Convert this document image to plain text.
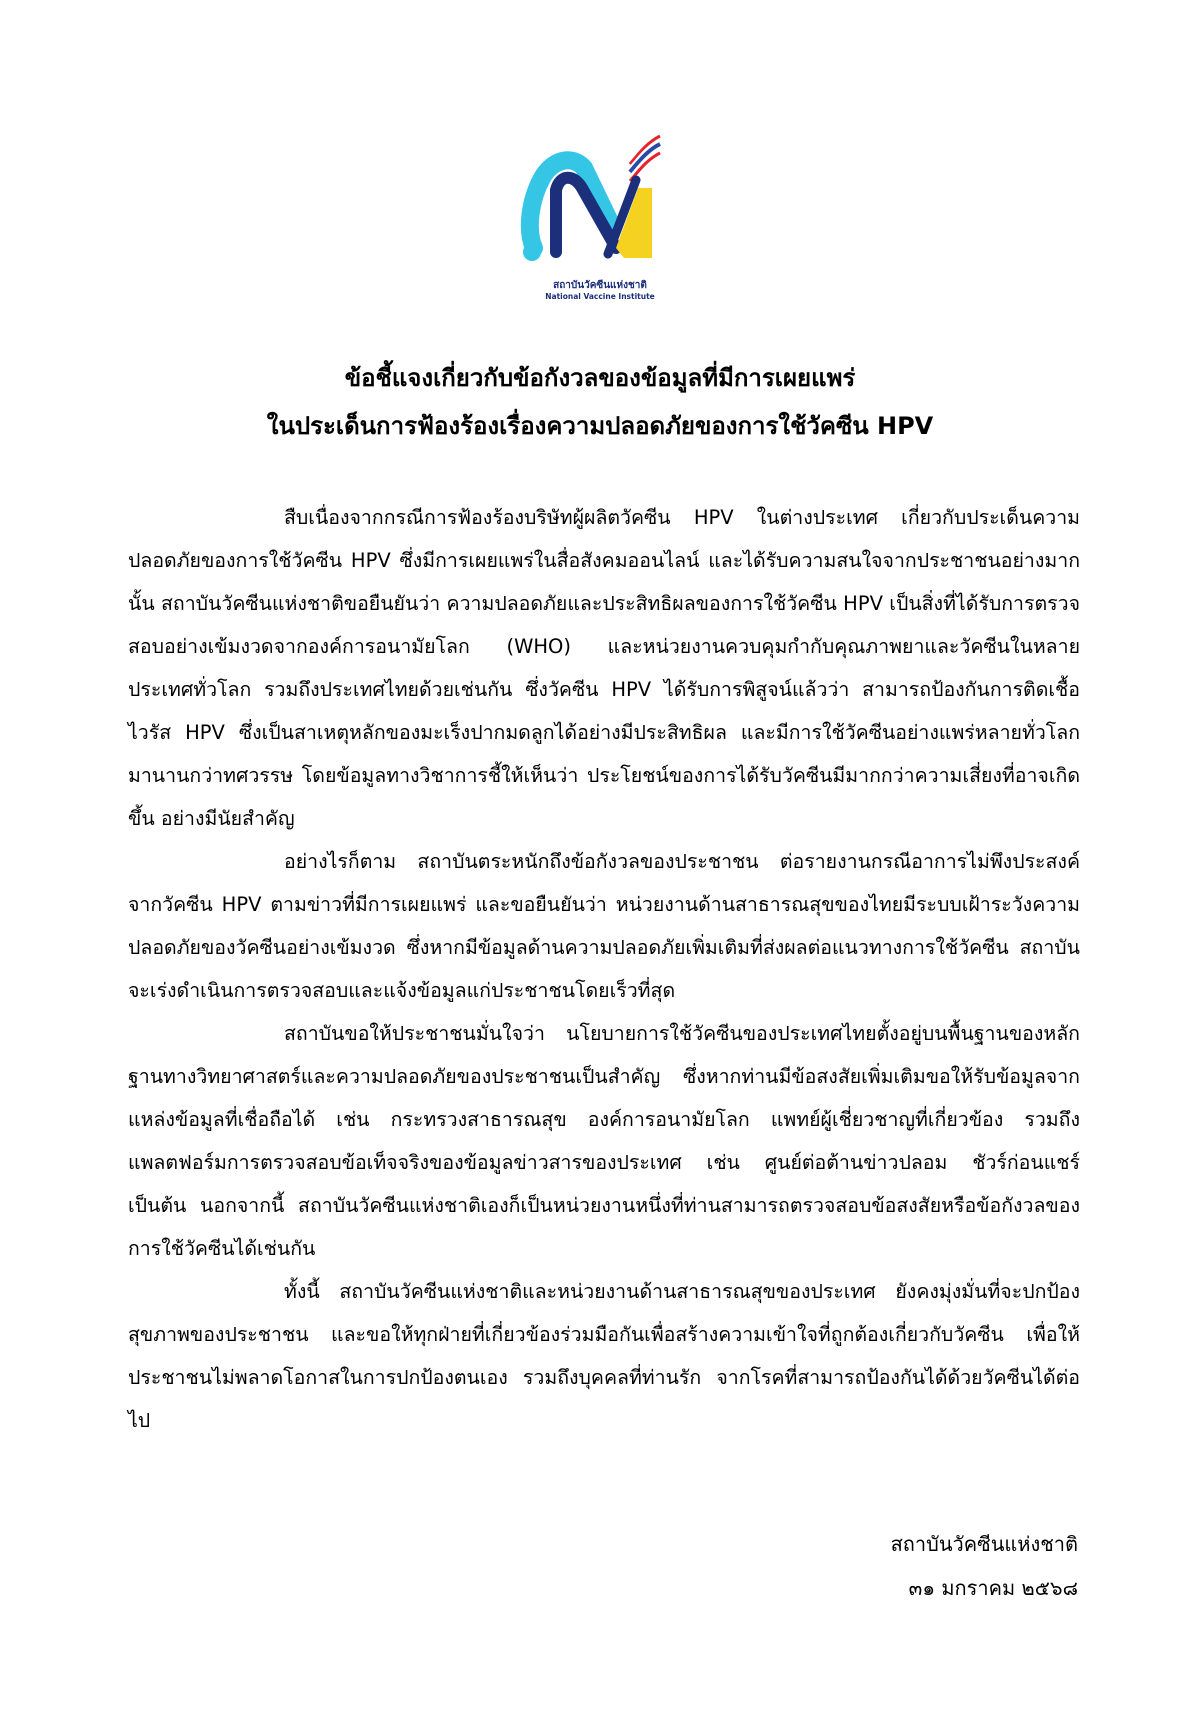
สถาบันวัคซีนแห่งชาติ
National Vaccine Institute
ข้อชี้แจงเกี่ยวกับข้อกังวลของข้อมูลที่มีการเผยแพร่
ในประเด็นการฟ้องร้องเรื่องความปลอดภัยของการใช้วัคซีน HPV

สืบเนื่องจากกรณีการฟ้องร้องบริษัทผู้ผลิตวัคซีน HPV ในต่างประเทศ เกี่ยวกับประเด็นความปลอดภัยของการใช้วัคซีน HPV ซึ่งมีการเผยแพร่ในสื่อสังคมออนไลน์ และได้รับความสนใจจากประชาชนอย่างมากนั้น สถาบันวัคซีนแห่งชาติขอยืนยันว่า ความปลอดภัยและประสิทธิผลของการใช้วัคซีน HPV เป็นสิ่งที่ได้รับการตรวจสอบอย่างเข้มงวดจากองค์การอนามัยโลก (WHO) และหน่วยงานควบคุมกำกับคุณภาพยาและวัคซีนในหลายประเทศทั่วโลก รวมถึงประเทศไทยด้วยเช่นกัน ซึ่งวัคซีน HPV ได้รับการพิสูจน์แล้วว่า สามารถป้องกันการติดเชื้อไวรัส HPV ซึ่งเป็นสาเหตุหลักของมะเร็งปากมดลูกได้อย่างมีประสิทธิผล และมีการใช้วัคซีนอย่างแพร่หลายทั่วโลกมานานกว่าทศวรรษ โดยข้อมูลทางวิชาการชี้ให้เห็นว่า ประโยชน์ของการได้รับวัคซีนมีมากกว่าความเสี่ยงที่อาจเกิดขึ้น อย่างมีนัยสำคัญ

อย่างไรก็ตาม สถาบันตระหนักถึงข้อกังวลของประชาชน ต่อรายงานกรณีอาการไม่พึงประสงค์จากวัคซีน HPV ตามข่าวที่มีการเผยแพร่ และขอยืนยันว่า หน่วยงานด้านสาธารณสุขของไทยมีระบบเฝ้าระวังความปลอดภัยของวัคซีนอย่างเข้มงวด ซึ่งหากมีข้อมูลด้านความปลอดภัยเพิ่มเติมที่ส่งผลต่อแนวทางการใช้วัคซีน สถาบันจะเร่งดำเนินการตรวจสอบและแจ้งข้อมูลแก่ประชาชนโดยเร็วที่สุด

สถาบันขอให้ประชาชนมั่นใจว่า นโยบายการใช้วัคซีนของประเทศไทยตั้งอยู่บนพื้นฐานของหลักฐานทางวิทยาศาสตร์และความปลอดภัยของประชาชนเป็นสำคัญ ซึ่งหากท่านมีข้อสงสัยเพิ่มเติมขอให้รับข้อมูลจากแหล่งข้อมูลที่เชื่อถือได้ เช่น กระทรวงสาธารณสุข องค์การอนามัยโลก แพทย์ผู้เชี่ยวชาญที่เกี่ยวข้อง รวมถึงแพลตฟอร์มการตรวจสอบข้อเท็จจริงของข้อมูลข่าวสารของประเทศ เช่น ศูนย์ต่อต้านข่าวปลอม ชัวร์ก่อนแชร์ เป็นต้น นอกจากนี้ สถาบันวัคซีนแห่งชาติเองก็เป็นหน่วยงานหนึ่งที่ท่านสามารถตรวจสอบข้อสงสัยหรือข้อกังวลของการใช้วัคซีนได้เช่นกัน

ทั้งนี้ สถาบันวัคซีนแห่งชาติและหน่วยงานด้านสาธารณสุขของประเทศ ยังคงมุ่งมั่นที่จะปกป้องสุขภาพของประชาชน และขอให้ทุกฝ่ายที่เกี่ยวข้องร่วมมือกันเพื่อสร้างความเข้าใจที่ถูกต้องเกี่ยวกับวัคซีน เพื่อให้ประชาชนไม่พลาดโอกาสในการปกป้องตนเอง รวมถึงบุคคลที่ท่านรัก จากโรคที่สามารถป้องกันได้ด้วยวัคซีนได้ต่อไป

สถาบันวัคซีนแห่งชาติ
๓๑ มกราคม ๒๕๖๘
